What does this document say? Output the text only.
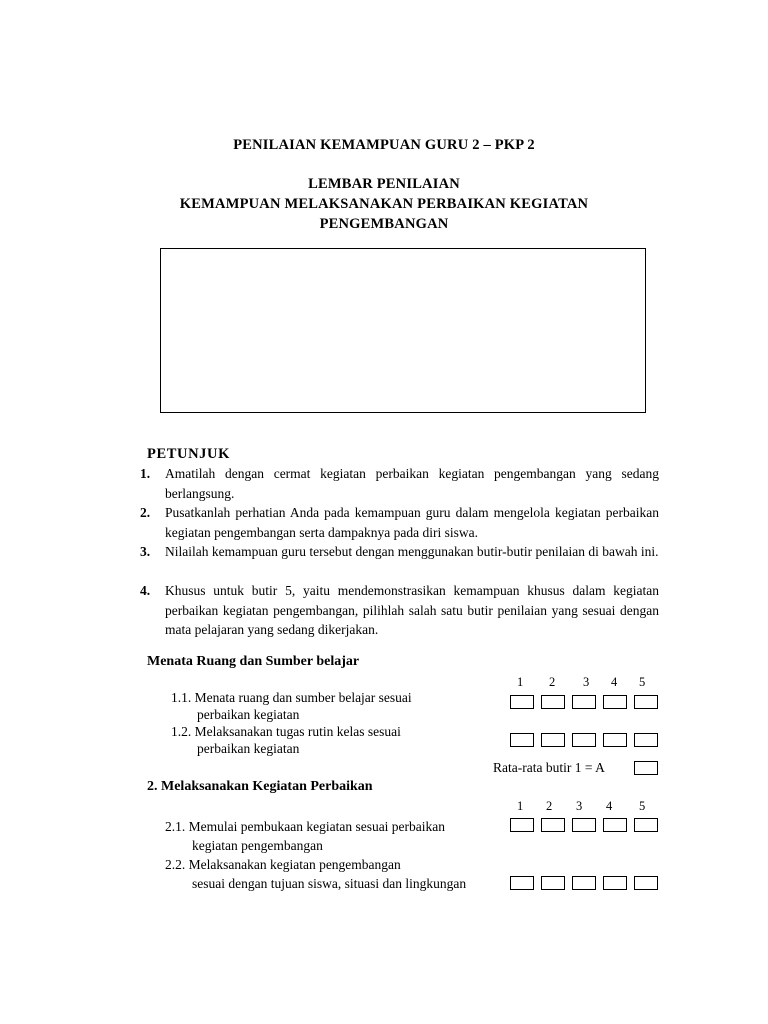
PENILAIAN KEMAMPUAN GURU 2 – PKP 2
LEMBAR PENILAIAN
KEMAMPUAN MELAKSANAKAN PERBAIKAN KEGIATAN
PENGEMBANGAN
PETUNJUK
1. Amatilah dengan cermat kegiatan perbaikan kegiatan pengembangan yang sedang berlangsung.
2. Pusatkanlah perhatian Anda pada kemampuan guru dalam mengelola kegiatan perbaikan kegiatan pengembangan serta dampaknya pada diri siswa.
3. Nilailah kemampuan guru tersebut dengan menggunakan butir-butir penilaian di bawah ini.
4. Khusus untuk butir 5, yaitu mendemonstrasikan kemampuan khusus dalam kegiatan perbaikan kegiatan pengembangan, pilihlah salah satu butir penilaian yang sesuai dengan mata pelajaran yang sedang dikerjakan.
Menata Ruang dan Sumber belajar
1 2 3 4 5
1.1. Menata ruang dan sumber belajar sesuai
perbaikan kegiatan
1.2. Melaksanakan tugas rutin kelas sesuai
perbaikan kegiatan
Rata-rata butir 1 = A
2. Melaksanakan Kegiatan Perbaikan
1 2 3 4 5
2.1. Memulai pembukaan kegiatan sesuai perbaikan
kegiatan pengembangan
2.2. Melaksanakan kegiatan pengembangan
sesuai dengan tujuan siswa, situasi dan lingkungan
